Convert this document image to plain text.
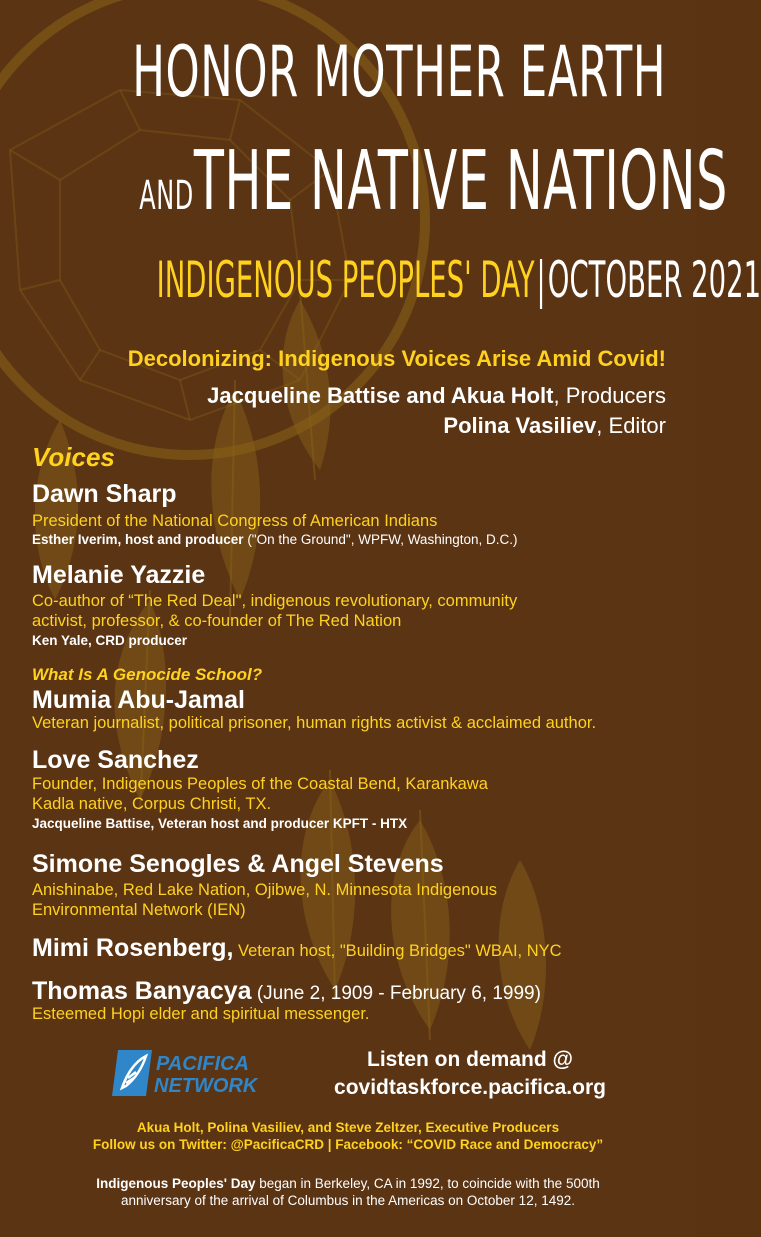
HONOR MOTHER EARTH
ANDTHE NATIVE NATIONS
INDIGENOUS PEOPLES' DAY OCTOBER 2021
Decolonizing: Indigenous Voices Arise Amid Covid!
Jacqueline Battise and Akua Holt, Producers
Polina Vasiliev, Editor
Voices
Dawn Sharp
President of the National Congress of American Indians
Esther Iverim, host and producer ("On the Ground", WPFW, Washington, D.C.)
Melanie Yazzie
Co-author of “The Red Deal", indigenous revolutionary, community
activist, professor, & co-founder of The Red Nation
Ken Yale, CRD producer
What Is A Genocide School?
Mumia Abu-Jamal
Veteran journalist, political prisoner, human rights activist & acclaimed author.
Love Sanchez
Founder, Indigenous Peoples of the Coastal Bend, Karankawa
Kadla native, Corpus Christi, TX.
Jacqueline Battise, Veteran host and producer KPFT - HTX
Simone Senogles & Angel Stevens
Anishinabe, Red Lake Nation, Ojibwe, N. Minnesota Indigenous
Environmental Network (IEN)
Mimi Rosenberg, Veteran host, "Building Bridges" WBAI, NYC
Thomas Banyacya (June 2, 1909 - February 6, 1999)
Esteemed Hopi elder and spiritual messenger.
PACIFICA
NETWORK
Listen on demand @
covidtaskforce.pacifica.org
Akua Holt, Polina Vasiliev, and Steve Zeltzer, Executive Producers
Follow us on Twitter: @PacificaCRD | Facebook: “COVID Race and Democracy”
Indigenous Peoples' Day began in Berkeley, CA in 1992, to coincide with the 500th
anniversary of the arrival of Columbus in the Americas on October 12, 1492.
